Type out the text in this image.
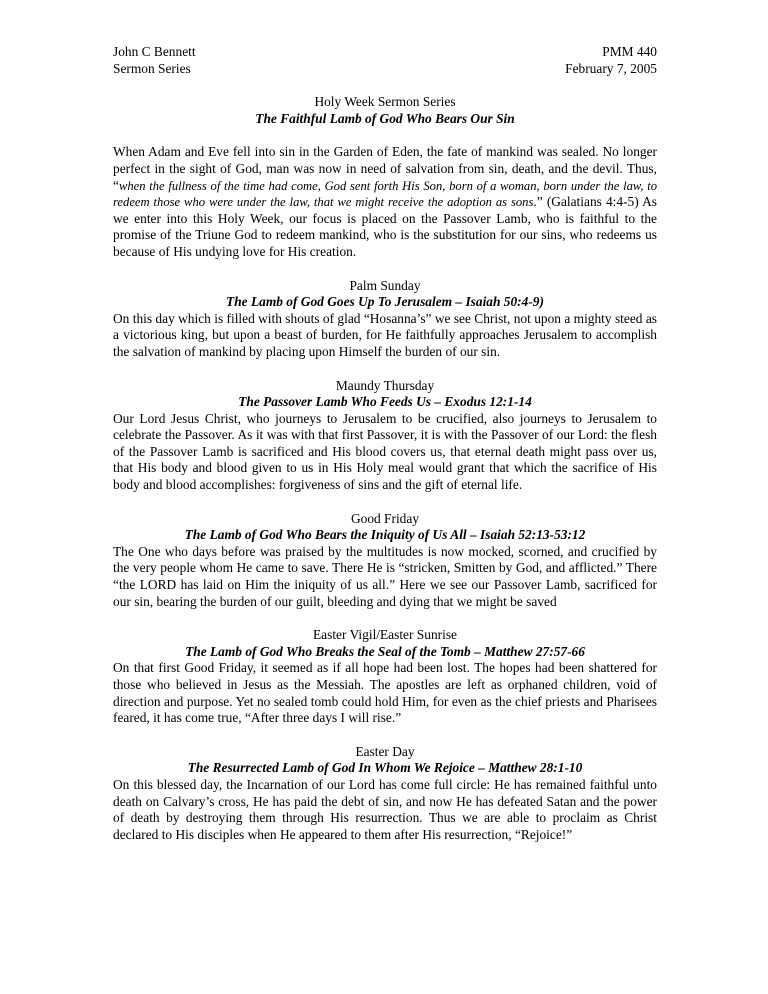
John C Bennett
Sermon Series
PMM 440
February 7, 2005
Holy Week Sermon Series
The Faithful Lamb of God Who Bears Our Sin
When Adam and Eve fell into sin in the Garden of Eden, the fate of mankind was sealed. No longer perfect in the sight of God, man was now in need of salvation from sin, death, and the devil. Thus, “when the fullness of the time had come, God sent forth His Son, born of a woman, born under the law, to redeem those who were under the law, that we might receive the adoption as sons.” (Galatians 4:4-5) As we enter into this Holy Week, our focus is placed on the Passover Lamb, who is faithful to the promise of the Triune God to redeem mankind, who is the substitution for our sins, who redeems us because of His undying love for His creation.
Palm Sunday
The Lamb of God Goes Up To Jerusalem – Isaiah 50:4-9)
On this day which is filled with shouts of glad “Hosanna’s” we see Christ, not upon a mighty steed as a victorious king, but upon a beast of burden, for He faithfully approaches Jerusalem to accomplish the salvation of mankind by placing upon Himself the burden of our sin.
Maundy Thursday
The Passover Lamb Who Feeds Us – Exodus 12:1-14
Our Lord Jesus Christ, who journeys to Jerusalem to be crucified, also journeys to Jerusalem to celebrate the Passover. As it was with that first Passover, it is with the Passover of our Lord: the flesh of the Passover Lamb is sacrificed and His blood covers us, that eternal death might pass over us, that His body and blood given to us in His Holy meal would grant that which the sacrifice of His body and blood accomplishes: forgiveness of sins and the gift of eternal life.
Good Friday
The Lamb of God Who Bears the Iniquity of Us All – Isaiah 52:13-53:12
The One who days before was praised by the multitudes is now mocked, scorned, and crucified by the very people whom He came to save. There He is “stricken, Smitten by God, and afflicted.” There “the LORD has laid on Him the iniquity of us all.” Here we see our Passover Lamb, sacrificed for our sin, bearing the burden of our guilt, bleeding and dying that we might be saved
Easter Vigil/Easter Sunrise
The Lamb of God Who Breaks the Seal of the Tomb – Matthew 27:57-66
On that first Good Friday, it seemed as if all hope had been lost. The hopes had been shattered for those who believed in Jesus as the Messiah. The apostles are left as orphaned children, void of direction and purpose. Yet no sealed tomb could hold Him, for even as the chief priests and Pharisees feared, it has come true, “After three days I will rise.”
Easter Day
The Resurrected Lamb of God In Whom We Rejoice – Matthew 28:1-10
On this blessed day, the Incarnation of our Lord has come full circle: He has remained faithful unto death on Calvary’s cross, He has paid the debt of sin, and now He has defeated Satan and the power of death by destroying them through His resurrection. Thus we are able to proclaim as Christ declared to His disciples when He appeared to them after His resurrection, “Rejoice!”
